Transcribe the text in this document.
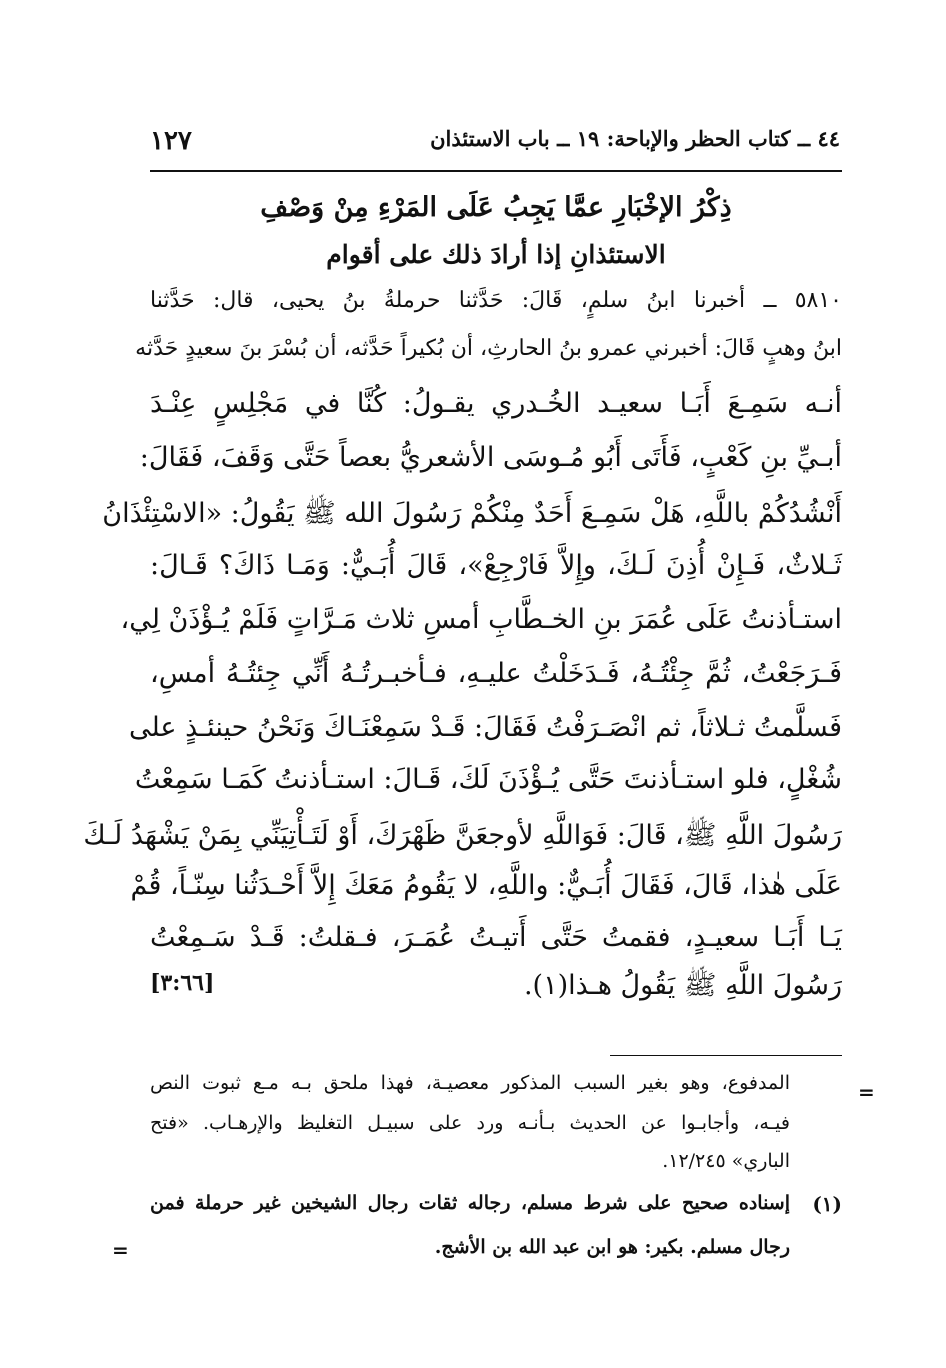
١٢٧	٤٤ ــ كتاب الحظر والإباحة: ١٩ ــ باب الاستئذان
ذِكْرُ الإخْبَارِ عمَّا يَجِبُ عَلَى المَرْءِ مِنْ وَصْفِ
الاستئذانِ إذا أرادَ ذلك على أقوام
٥٨١٠ ــ أخبرنا ابنُ سلمٍ، قَالَ: حَدَّثنا حرملةُ بنُ يحيى، قال: حَدَّثنا
ابنُ وهبٍ قَالَ: أخبرني عمرو بنُ الحارثِ، أن بُكيراً حَدَّثه، أن بُسْرَ بنَ سعيدٍ حَدَّثه
أنـه سَمِـعَ أَبَـا سعيـد الخُـدري يقـولُ: كُنَّا في مَجْلِسٍ عِنْـدَ
أبـيِّ بنِ كَعْبٍ، فَأَتَى أَبُو مُـوسَى الأشعريُّ بعصاً حَتَّى وَقَفَ، فَقَالَ:
أَنْشُدُكُمْ باللَّهِ، هَلْ سَمِـعَ أَحَدٌ مِنْكُمْ رَسُولَ الله ﷺ يَقُولُ: «الاسْتِئْذَانُ
ثَـلاثٌ، فَـإِنْ أُذِنَ لَـكَ، وإِلاَّ فَارْجِعْ»، قَالَ أُبَـيٌّ: وَمَـا ذَاكَ؟ قَـالَ:
استـأذنتُ عَلَى عُمَرَ بنِ الخـطَّابِ أمسِ ثلاث مَـرَّاتٍ فَلَمْ يُـؤْذَنْ لِي،
فَـرَجَعْتُ، ثُمَّ جِئْتُـهُ، فَـدَخَلْتُ عليـهِ، فـأخبـرتُـهُ أَنِّي جِئتُـهُ أمسِ،
فَسلَّمتُ ثـلاثاً، ثم انْصَـرَفْتُ فَقَالَ: قَـدْ سَمِعْنَـاكَ وَنَحْنُ حينئـذٍ على
شُغْلٍ، فلو استـأذنتَ حَتَّى يُـؤْذَنَ لَكَ، قَـالَ: استـأذنتُ كَمَـا سَمِعْتُ
رَسُولَ اللَّهِ ﷺ، قَالَ: فَوَاللَّهِ لأوجعَنَّ ظَهْرَكَ، أَوْ لَتَـأْتِيَنِّي بِمَنْ يَشْهَدُ لَـكَ
عَلَى هٰذا، قَالَ، فَقَالَ أُبَـيٌّ: واللَّهِ، لا يَقُومُ مَعَكَ إِلاَّ أَحْـدَثُنا سِنّـاً، قُمْ
يَـا أَبَـا سعيـدٍ، فقمتُ حَتَّى أَتيـتُ عُمَـرَ، فـقلتُ: قَـدْ سَـمِعْتُ
رَسُولَ اللَّهِ ﷺ يَقُولُ هـذا(١).
[٣:٦٦]
=
المدفوع، وهو بغير السبب المذكور معصيـة، فهذا ملحق بـه مـع ثبوت النص
فيـه، وأجابـوا عن الحديث بـأنـه ورد على سبيـل التغليظ والإرهـاب. «فتح
الباري» ١٢/٢٤٥.
(١)
إسناده صحيح على شرط مسلم، رجاله ثقات رجال الشيخين غير حرملة فمن
رجال مسلم. بكير: هو ابن عبد الله بن الأشج.
=
